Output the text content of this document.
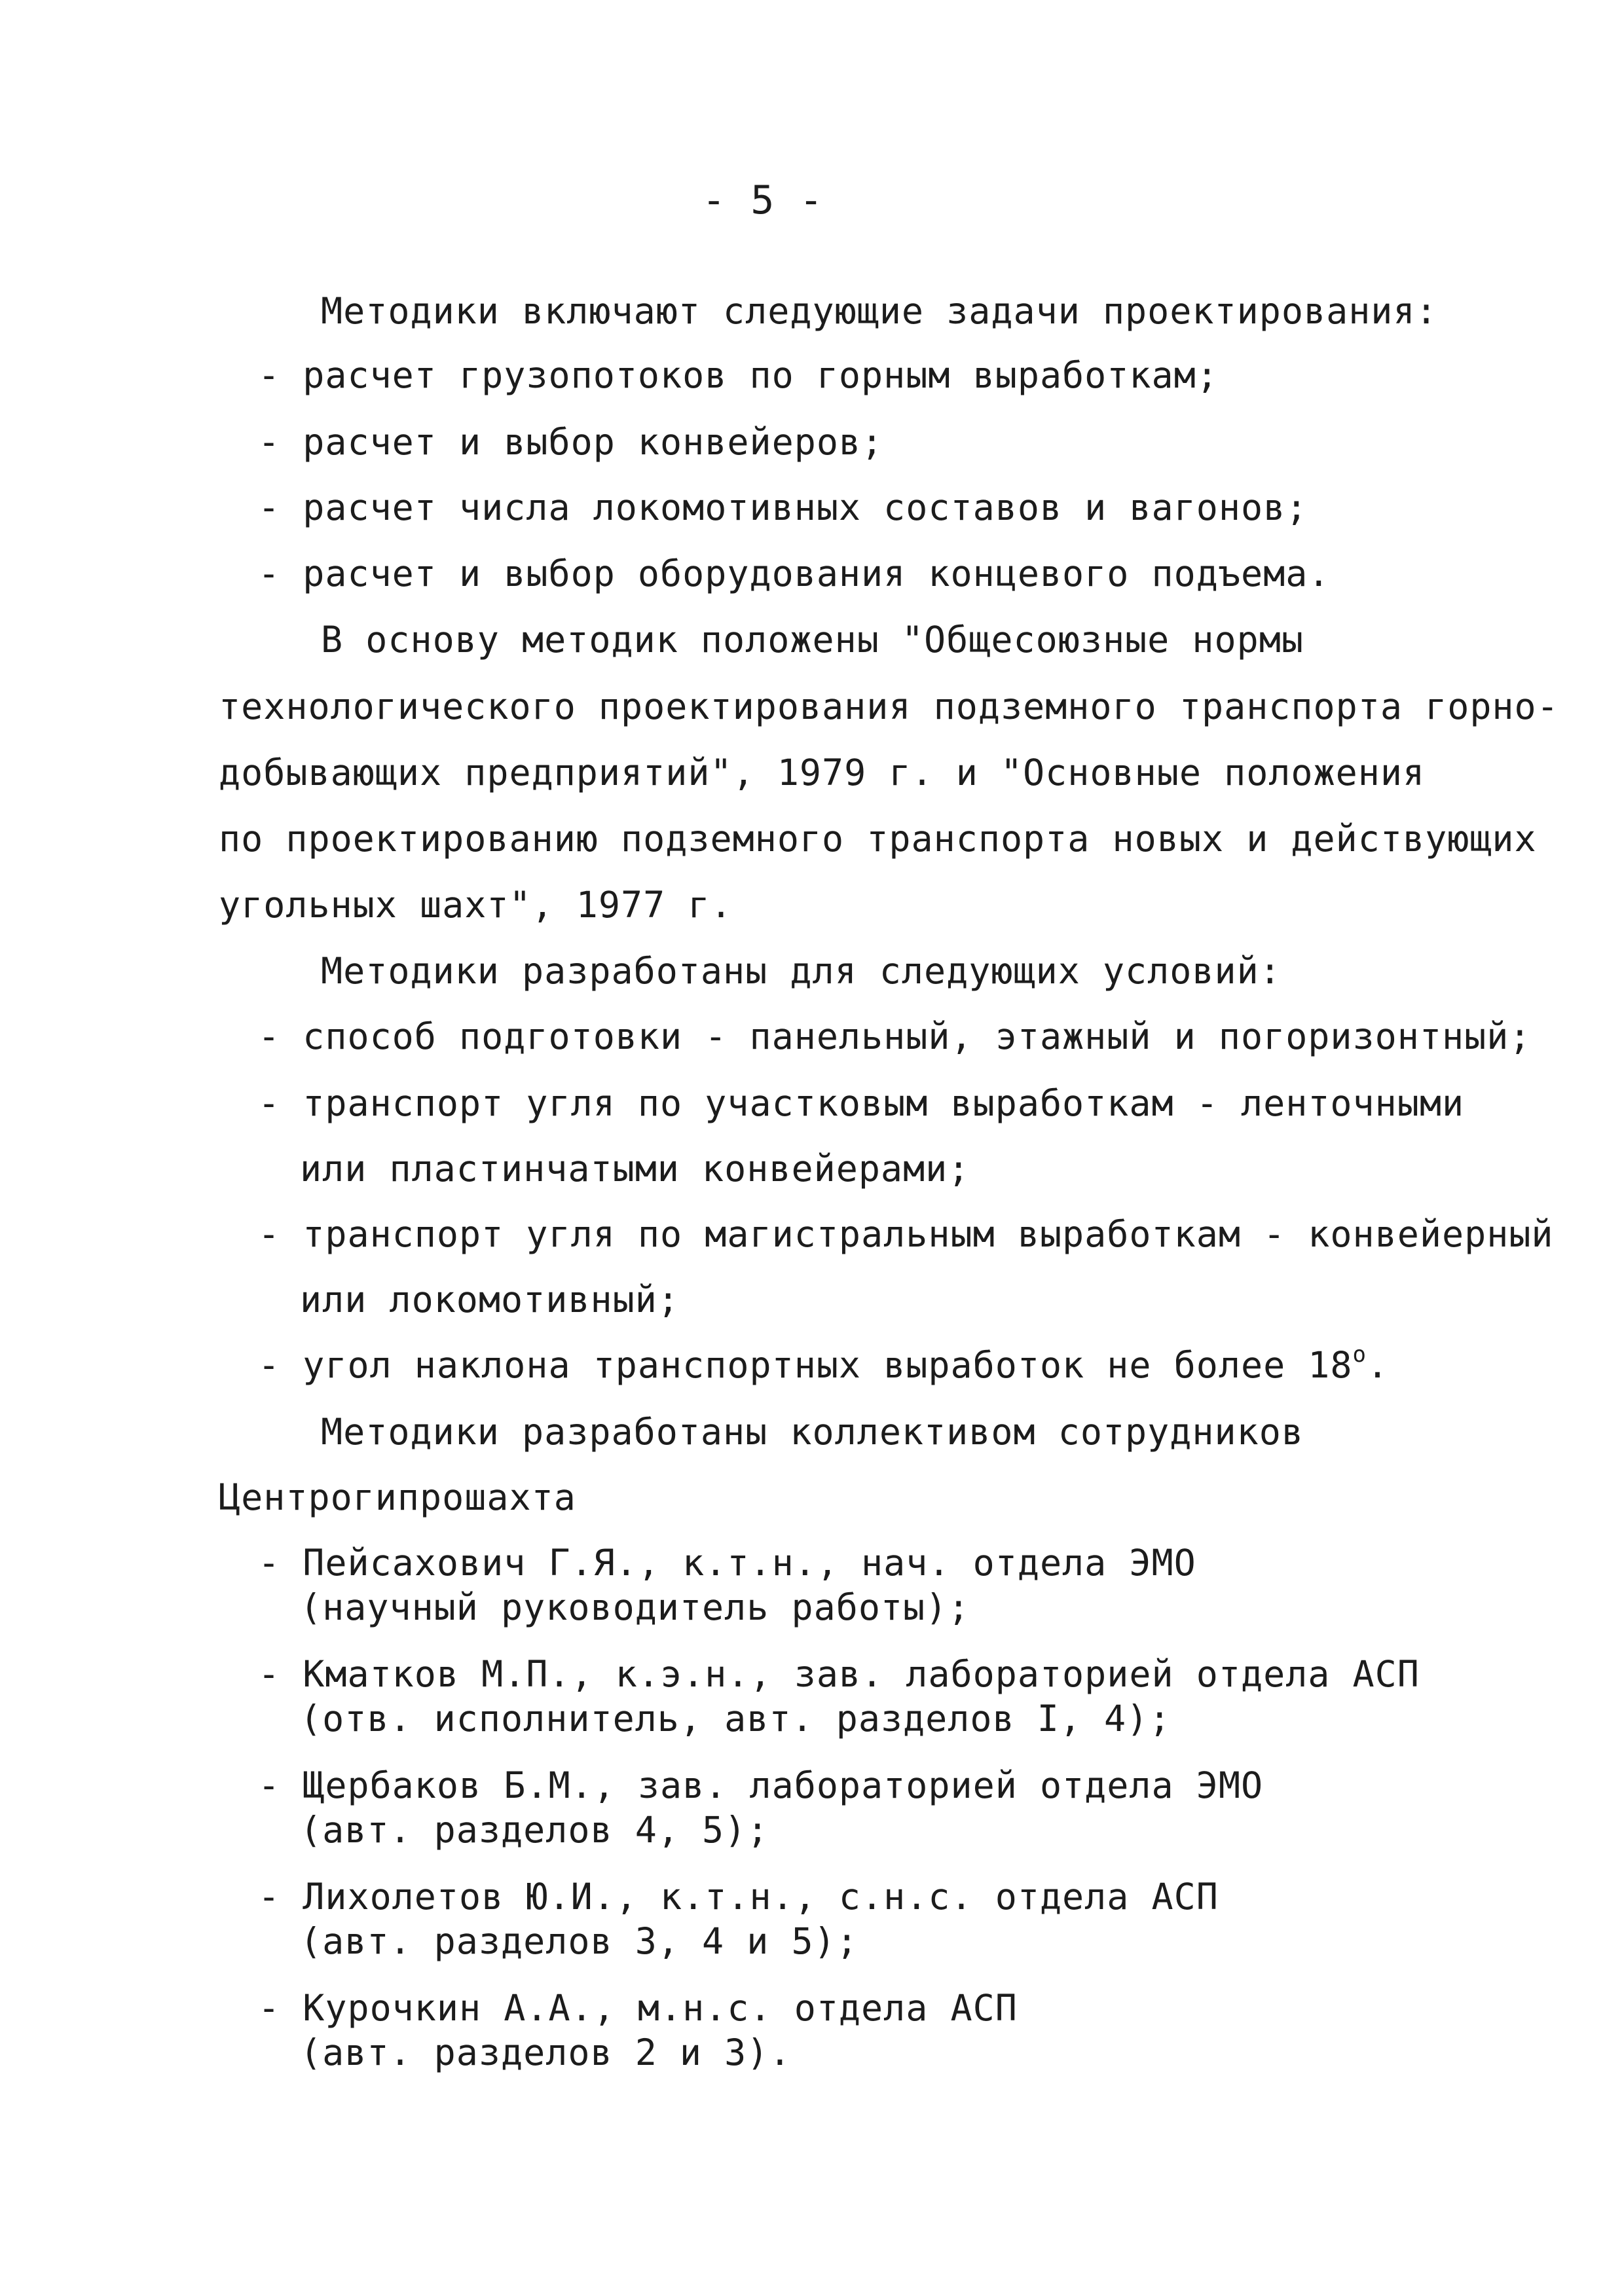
- 5 -
Методики включают следующие задачи проектирования:
- расчет грузопотоков по горным выработкам;
- расчет и выбор конвейеров;
- расчет числа локомотивных составов и вагонов;
- расчет и выбор оборудования концевого подъема.
В основу методик положены "Общесоюзные нормы
технологического проектирования подземного транспорта горно-
добывающих предприятий", 1979 г. и "Основные положения
по проектированию подземного транспорта новых и действующих
угольных шахт", 1977 г.
Методики разработаны для следующих условий:
- способ подготовки - панельный, этажный и погоризонтный;
- транспорт угля по участковым выработкам - ленточными
или пластинчатыми конвейерами;
- транспорт угля по магистральным выработкам - конвейерный
или локомотивный;
- угол наклона транспортных выработок не более $18^о$.
Методики разработаны коллективом сотрудников
Центрогипрошахта
- Пейсахович Г.Я., к.т.н., нач. отдела ЭМО
(научный руководитель работы);
- Кматков М.П., к.э.н., зав. лабораторией отдела АСП
(отв. исполнитель, авт. разделов I, 4);
- Щербаков Б.М., зав. лабораторией отдела ЭМО
(авт. разделов 4, 5);
- Лихолетов Ю.И., к.т.н., с.н.с. отдела АСП
(авт. разделов 3, 4 и 5);
- Курочкин А.А., м.н.с. отдела АСП
(авт. разделов 2 и 3).
